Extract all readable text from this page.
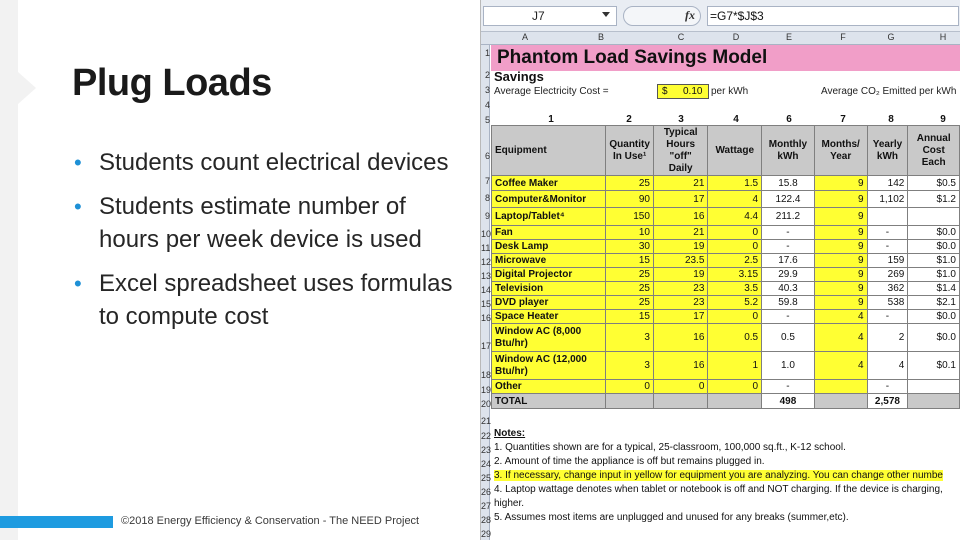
Plug Loads
• Students count electrical devices
• Students estimate number of hours per week device is used
• Excel spreadsheet uses formulas to compute cost
©2018 Energy Efficiency & Conservation - The NEED Project
J7	fx =G7*$J$3
A	B	C	D	E	F	G	H
1
2
3
4
5
6
7
8
9
10
11
12
13
14
15
16
17
18
19
20
21
22
23
24
25
26
27
28
29
Phantom Load Savings Model
Savings
Average Electricity Cost =	$ 0.10 per kWh	Average CO₂ Emitted per kWh
1	2	3	4	6	7	8	9
Equipment	Quantity In Use¹	Typical Hours "off" Daily	Wattage	Monthly kWh	Months/ Year	Yearly kWh	Annual Cost Each
Coffee Maker	25	21	1.5	15.8	9	142	$0.5
Computer&Monitor	90	17	4	122.4	9	1,102	$1.2
Laptop/Tablet⁴	150	16	4.4	211.2	9		
Fan	10	21	0	-	9	-	$0.0
Desk Lamp	30	19	0	-	9	-	$0.0
Microwave	15	23.5	2.5	17.6	9	159	$1.0
Digital Projector	25	19	3.15	29.9	9	269	$1.0
Television	25	23	3.5	40.3	9	362	$1.4
DVD player	25	23	5.2	59.8	9	538	$2.1
Space Heater	15	17	0	-	4	-	$0.0
Window AC (8,000 Btu/hr)	3	16	0.5	0.5	4	2	$0.0
Window AC (12,000 Btu/hr)	3	16	1	1.0	4	4	$0.1
Other	0	0	0	-		-	
TOTAL				498		2,578	
Notes:
1. Quantities shown are for a typical, 25-classroom, 100,000 sq.ft., K-12 school.
2. Amount of time the appliance is off but remains plugged in.
3. If necessary, change input in yellow for equipment you are analyzing. You can change other numbe
4. Laptop wattage denotes when tablet or notebook is off and NOT charging. If the device is charging,
higher.
5. Assumes most items are unplugged and unused for any breaks (summer,etc).
